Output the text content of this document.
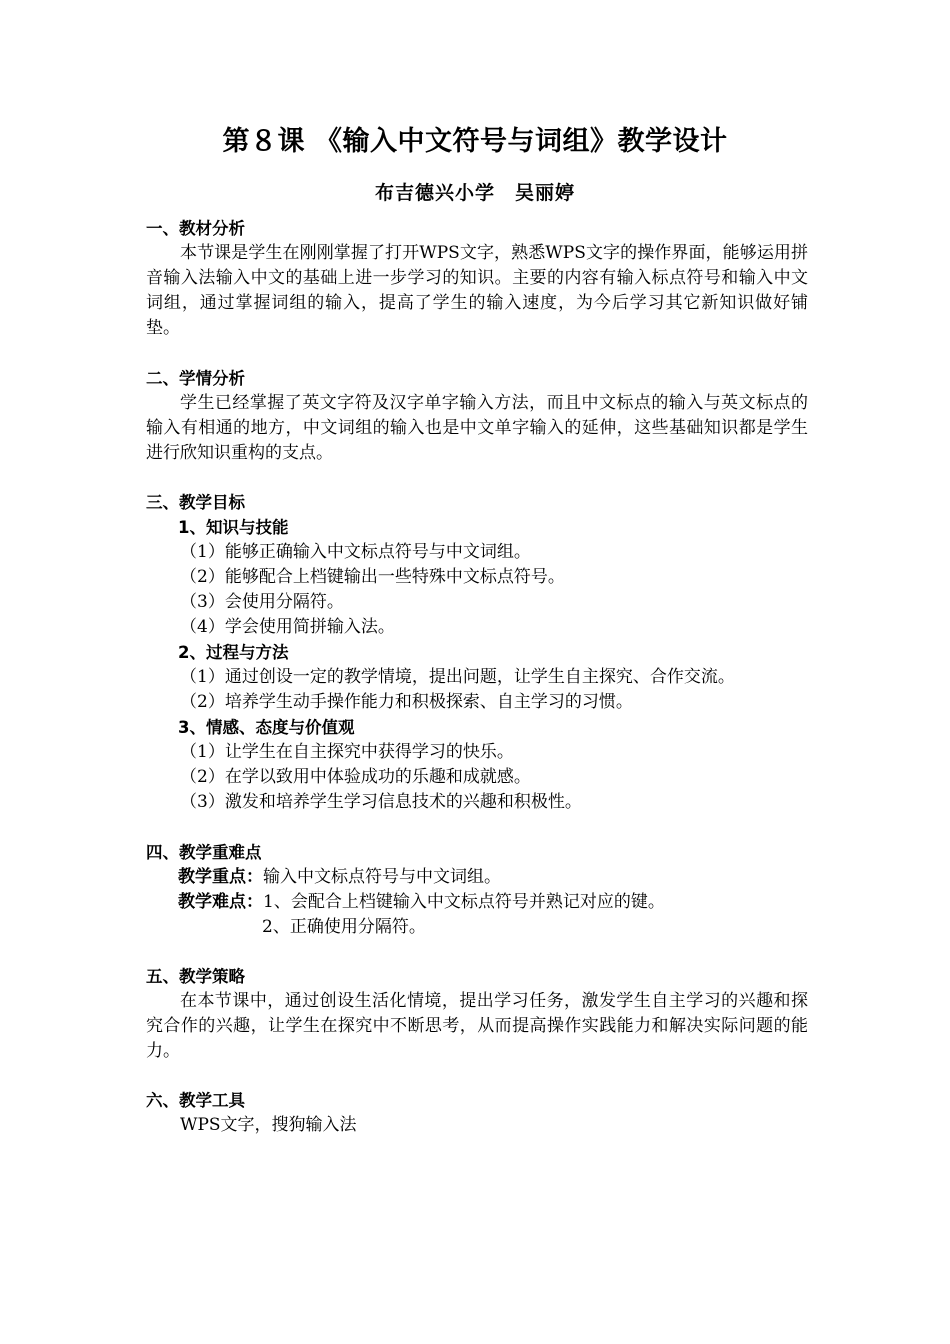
第８课 《输入中文符号与词组》教学设计
布吉德兴小学　吴丽婷
一、教材分析
本节课是学生在刚刚掌握了打开WPS文字，熟悉WPS文字的操作界面，能够运用拼音输入法输入中文的基础上进一步学习的知识。主要的内容有输入标点符号和输入中文词组，通过掌握词组的输入，提高了学生的输入速度，为今后学习其它新知识做好铺垫。
二、学情分析
学生已经掌握了英文字符及汉字单字输入方法，而且中文标点的输入与英文标点的输入有相通的地方，中文词组的输入也是中文单字输入的延伸，这些基础知识都是学生进行欣知识重构的支点。
三、教学目标
1、知识与技能
（1）能够正确输入中文标点符号与中文词组。
（2）能够配合上档键输出一些特殊中文标点符号。
（3）会使用分隔符。
（4）学会使用简拼输入法。
2、过程与方法
（1）通过创设一定的教学情境，提出问题，让学生自主探究、合作交流。
（2）培养学生动手操作能力和积极探索、自主学习的习惯。
3、情感、态度与价值观
（1）让学生在自主探究中获得学习的快乐。
（2）在学以致用中体验成功的乐趣和成就感。
（3）激发和培养学生学习信息技术的兴趣和积极性。
四、教学重难点
教学重点：输入中文标点符号与中文词组。
教学难点：1、会配合上档键输入中文标点符号并熟记对应的键。
2、正确使用分隔符。
五、教学策略
在本节课中，通过创设生活化情境，提出学习任务，激发学生自主学习的兴趣和探究合作的兴趣，让学生在探究中不断思考，从而提高操作实践能力和解决实际问题的能力。
六、教学工具
WPS文字，搜狗输入法
